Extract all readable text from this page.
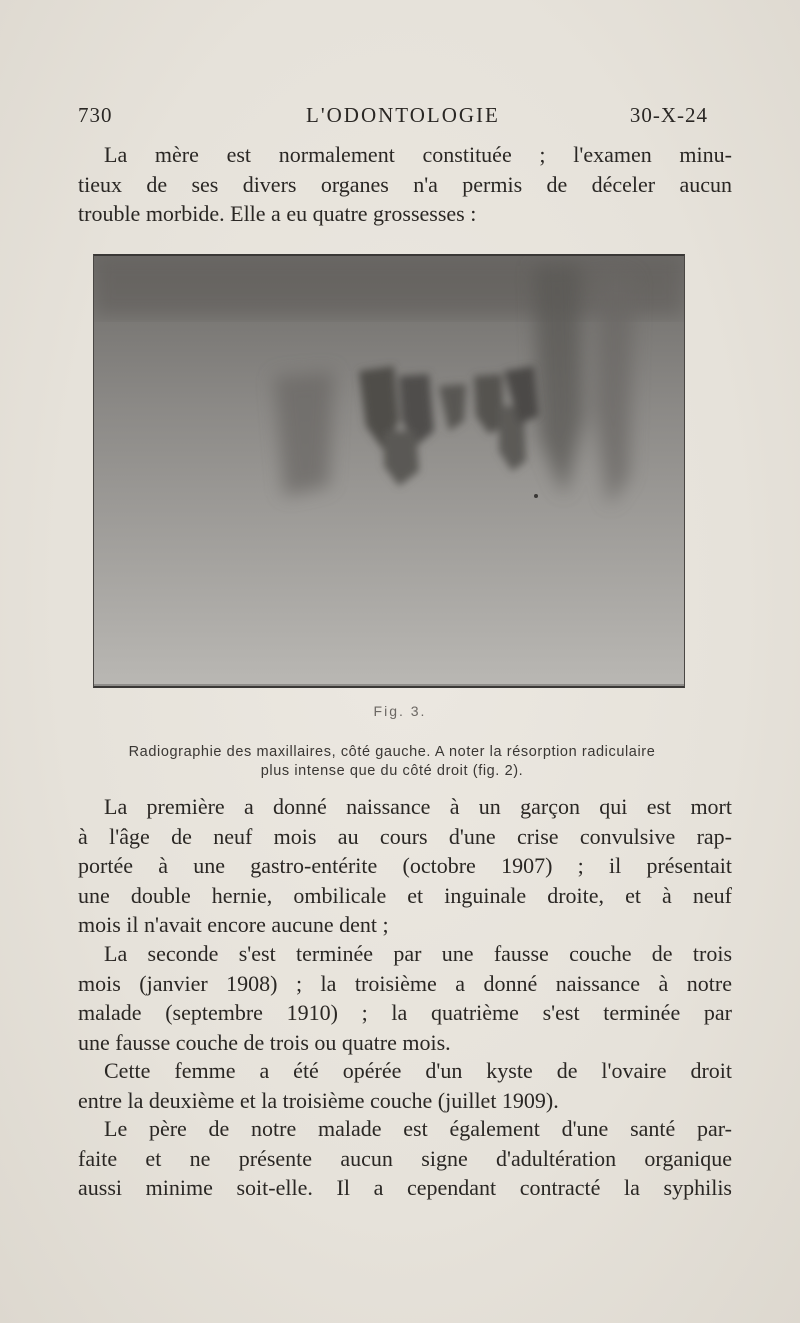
730	L'ODONTOLOGIE	30-X-24
La mère est normalement constituée ; l'examen minu-
tieux de ses divers organes n'a permis de déceler aucun
trouble morbide. Elle a eu quatre grossesses :
Fig. 3.
Radiographie des maxillaires, côté gauche. A noter la résorption radiculaire
plus intense que du côté droit (fig. 2).
La première a donné naissance à un garçon qui est mort
à l'âge de neuf mois au cours d'une crise convulsive rap-
portée à une gastro-entérite (octobre 1907) ; il présentait
une double hernie, ombilicale et inguinale droite, et à neuf
mois il n'avait encore aucune dent ;
La seconde s'est terminée par une fausse couche de trois
mois (janvier 1908) ; la troisième a donné naissance à notre
malade (septembre 1910) ; la quatrième s'est terminée par
une fausse couche de trois ou quatre mois.
Cette femme a été opérée d'un kyste de l'ovaire droit
entre la deuxième et la troisième couche (juillet 1909).
Le père de notre malade est également d'une santé par-
faite et ne présente aucun signe d'adultération organique
aussi minime soit-elle. Il a cependant contracté la syphilis
